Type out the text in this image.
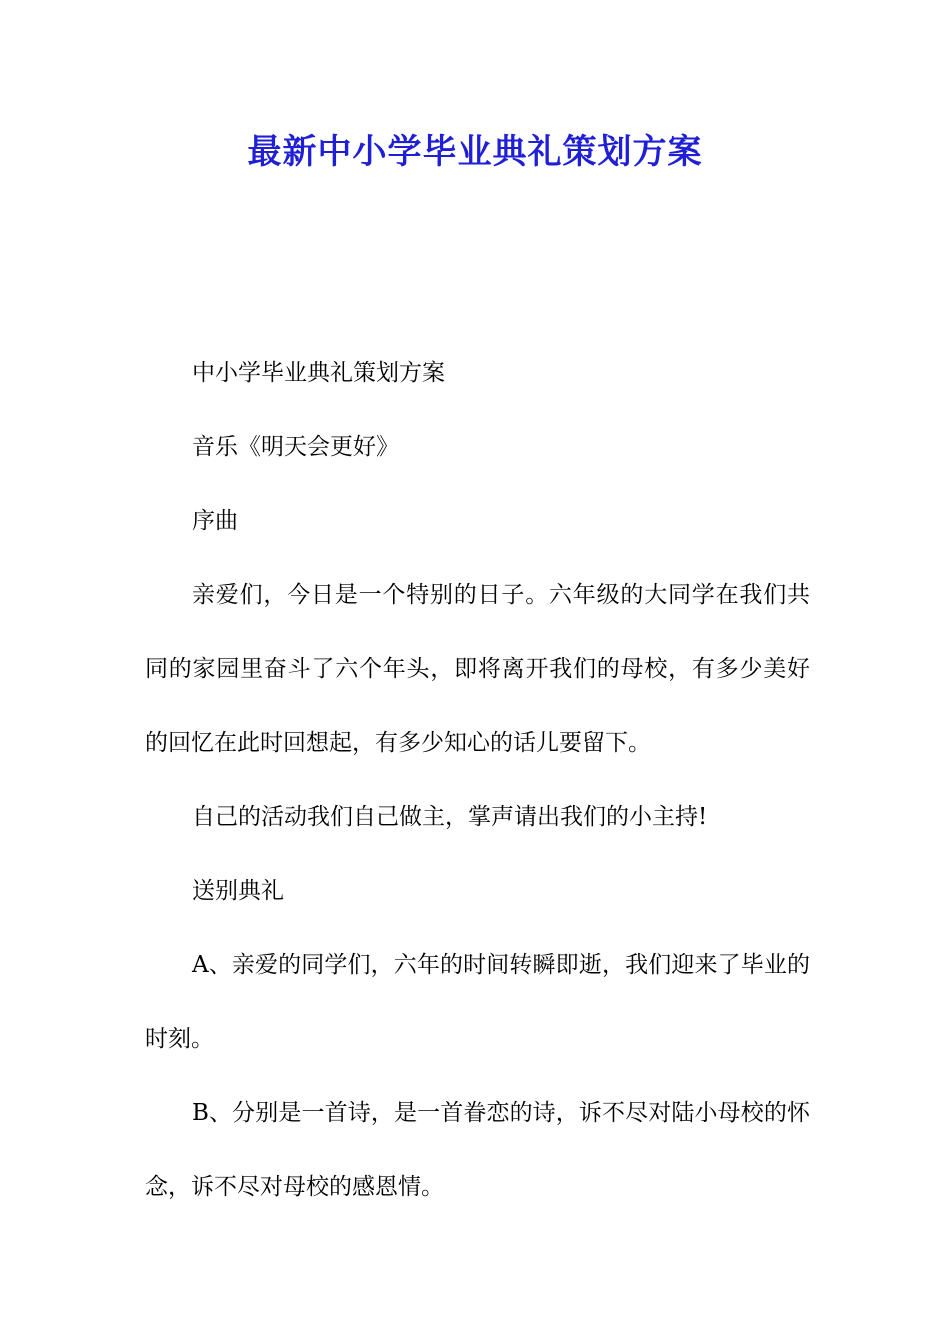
最新中小学毕业典礼策划方案

中小学毕业典礼策划方案

音乐《明天会更好》

序曲

亲爱们，今日是一个特别的日子。六年级的大同学在我们共同的家园里奋斗了六个年头，即将离开我们的母校，有多少美好的回忆在此时回想起，有多少知心的话儿要留下。

自己的活动我们自己做主，掌声请出我们的小主持!

送别典礼

A、亲爱的同学们，六年的时间转瞬即逝，我们迎来了毕业的时刻。

B、分别是一首诗，是一首眷恋的诗，诉不尽对陆小母校的怀念，诉不尽对母校的感恩情。
